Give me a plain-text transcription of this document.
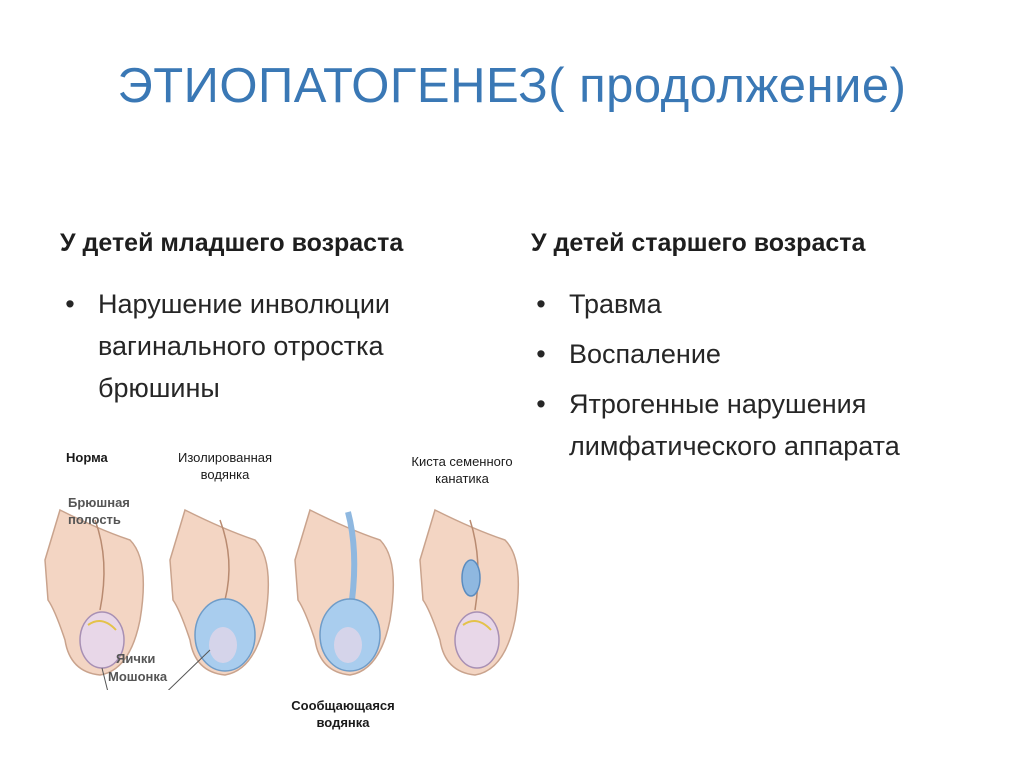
ЭТИОПАТОГЕНЕЗ( продолжение)
У детей младшего возраста
• Нарушение инволюции вагинального отростка брюшины
У детей старшего возраста
• Травма
• Воспаление
• Ятрогенные нарушения лимфатического аппарата
Норма	Изолированная водянка
Киста семенного канатика
Брюшная полость
Яички
Мошонка
Сообщающаяся водянка
